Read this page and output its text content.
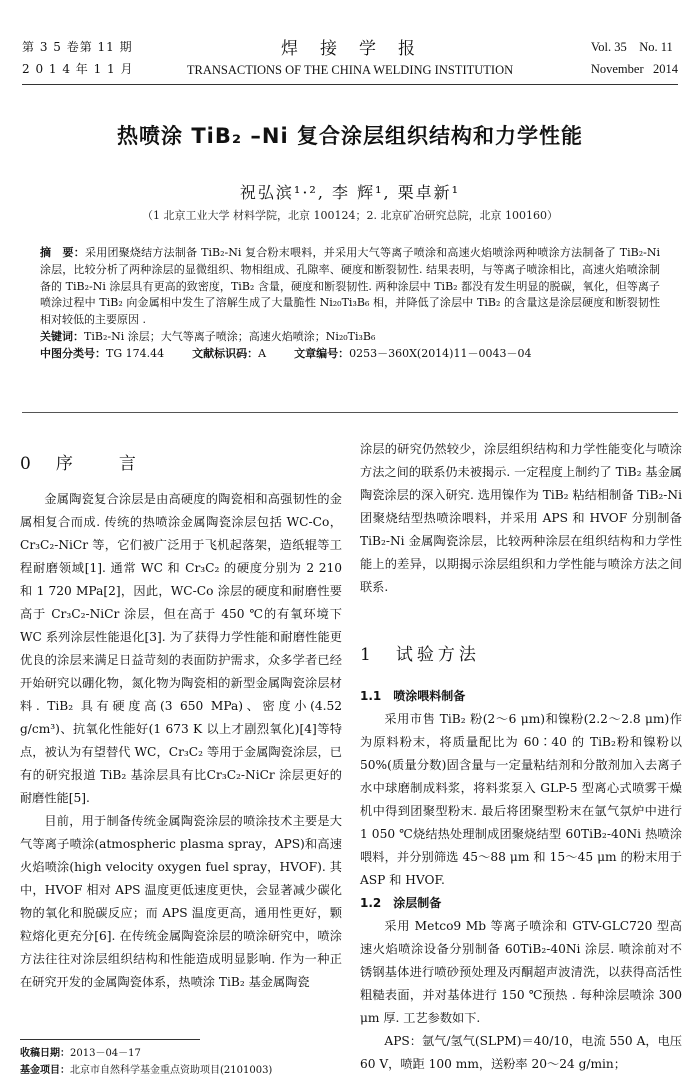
第 3 5 卷第 11 期
2 0 1 4 年 1 1 月
焊接学报
TRANSACTIONS OF THE CHINA WELDING INSTITUTION
Vol. 35    No. 11
November   2014
热喷涂 TiB₂ –Ni 复合涂层组织结构和力学性能
祝弘滨¹·², 李 辉¹, 栗卓新¹
（1 北京工业大学 材料学院，北京 100124；2. 北京矿冶研究总院，北京 100160）

摘　要：采用团聚烧结方法制备 TiB₂-Ni 复合粉末喂料，并采用大气等离子喷涂和高速火焰喷涂两种喷涂方法制备了 TiB₂-Ni 涂层，比较分析了两种涂层的显微组织、物相组成、孔隙率、硬度和断裂韧性. 结果表明，与等离子喷涂相比，高速火焰喷涂制备的 TiB₂-Ni 涂层具有更高的致密度，TiB₂ 含量，硬度和断裂韧性. 两种涂层中 TiB₂ 都没有发生明显的脱碳，氧化，但等离子喷涂过程中 TiB₂ 向金属相中发生了溶解生成了大量脆性 Ni₂₀Ti₃B₆ 相，并降低了涂层中 TiB₂ 的含量这是涂层硬度和断裂韧性相对较低的主要原因 .

关键词：TiB₂-Ni 涂层；大气等离子喷涂；高速火焰喷涂；Ni₂₀Ti₃B₆

中图分类号：TG 174.44	文献标识码：A	文章编号：0253－360X(2014)11－0043－04
0　序　　言

金属陶瓷复合涂层是由高硬度的陶瓷相和高强韧性的金属相复合而成. 传统的热喷涂金属陶瓷涂层包括 WC-Co，Cr₃C₂-NiCr 等，它们被广泛用于飞机起落架，造纸辊等工程耐磨领域[1]. 通常 WC 和 Cr₃C₂ 的硬度分别为 2 210 和 1 720 MPa[2]，因此，WC-Co 涂层的硬度和耐磨性要高于 Cr₃C₂-NiCr 涂层，但在高于 450 ℃的有氧环境下 WC 系列涂层性能退化[3]. 为了获得力学性能和耐磨性能更优良的涂层来满足日益苛刻的表面防护需求，众多学者已经开始研究以硼化物，氮化物为陶瓷相的新型金属陶瓷涂层材料. TiB₂ 具有硬度高(3 650 MPa)、密度小(4.52 g/cm³)、抗氧化性能好(1 673 K 以上才剧烈氧化)[4]等特点，被认为有望替代 WC，Cr₃C₂ 等用于金属陶瓷涂层，已有的研究报道 TiB₂ 基涂层具有比Cr₃C₂-NiCr 涂层更好的耐磨性能[5].

目前，用于制备传统金属陶瓷涂层的喷涂技术主要是大气等离子喷涂(atmospheric plasma spray，APS)和高速火焰喷涂(high velocity oxygen fuel spray，HVOF). 其中，HVOF 相对 APS 温度更低速度更快，会显著减少碳化物的氧化和脱碳反应；而 APS 温度更高，通用性更好，颗粒熔化更充分[6]. 在传统金属陶瓷涂层的喷涂研究中，喷涂方法往往对涂层组织结构和性能造成明显影响. 作为一种正在研究开发的金属陶瓷体系，热喷涂 TiB₂ 基金属陶瓷

涂层的研究仍然较少，涂层组织结构和力学性能变化与喷涂方法之间的联系仍未被揭示. 一定程度上制约了 TiB₂ 基金属陶瓷涂层的深入研究. 选用镍作为 TiB₂ 粘结相制备 TiB₂-Ni 团聚烧结型热喷涂喂料，并采用 APS 和 HVOF 分别制备 TiB₂-Ni 金属陶瓷涂层，比较两种涂层在组织结构和力学性能上的差异，以期揭示涂层组织和力学性能与喷涂方法之间联系.

1　试验方法

1.1　喷涂喂料制备

采用市售 TiB₂ 粉(2～6 μm)和镍粉(2.2～2.8 μm)作为原料粉末，将质量配比为 60∶40 的 TiB₂粉和镍粉以 50%(质量分数)固含量与一定量粘结剂和分散剂加入去离子水中球磨制成料浆，将料浆泵入 GLP-5 型离心式喷雾干燥机中得到团聚型粉末. 最后将团聚型粉末在氩气氛炉中进行 1 050 ℃烧结热处理制成团聚烧结型 60TiB₂-40Ni 热喷涂喂料，并分别筛选 45～88 μm 和 15～45 μm 的粉末用于 ASP 和 HVOF.

1.2　涂层制备

采用 Metco9 Mb 等离子喷涂和 GTV-GLC720 型高速火焰喷涂设备分别制备 60TiB₂-40Ni 涂层. 喷涂前对不锈钢基体进行喷砂预处理及丙酮超声波清洗，以获得高活性粗糙表面，并对基体进行 150 ℃预热 . 每种涂层喷涂 300 μm 厚. 工艺参数如下.

APS：氩气/氢气(SLPM)＝40/10，电流 550 A，电压 60 V，喷距 100 mm，送粉率 20～24 g/min；

收稿日期：2013－04－17
基金项目：北京市自然科学基金重点资助项目(2101003)
